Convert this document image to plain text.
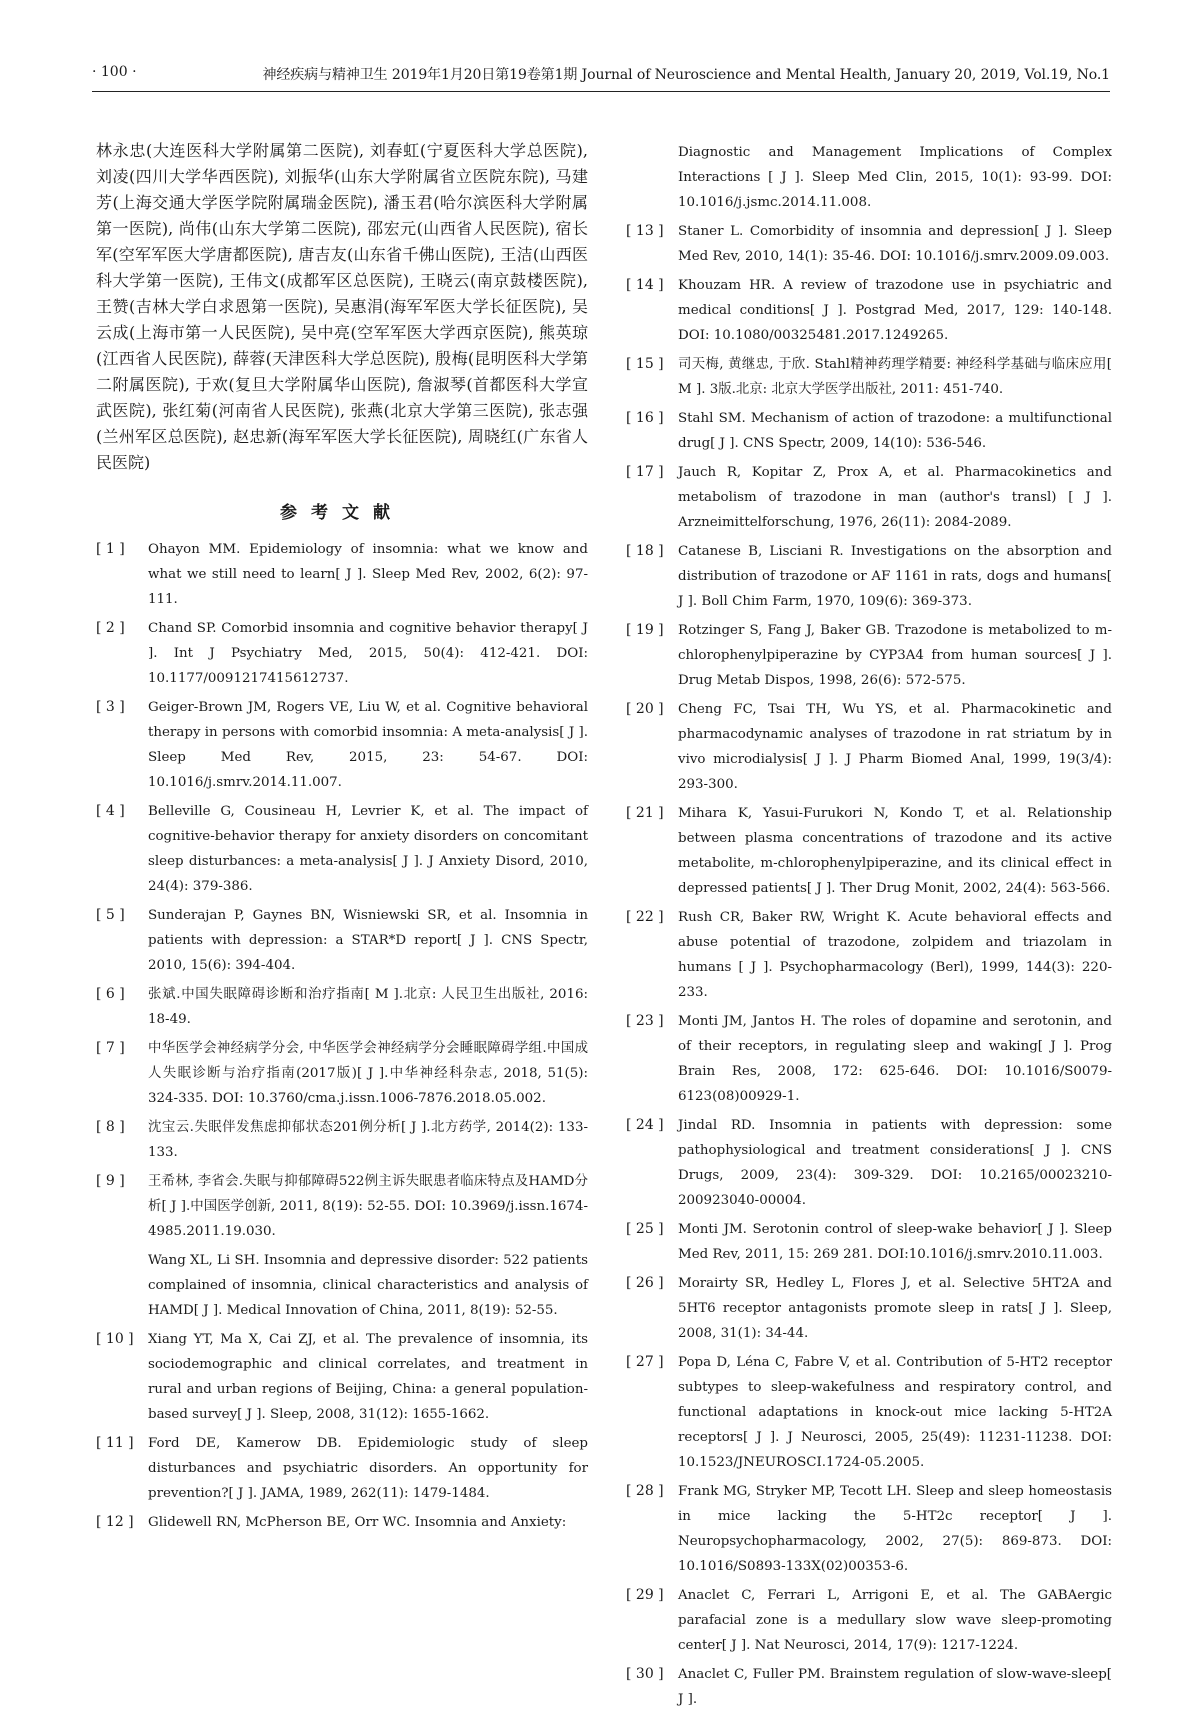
· 100 ·	神经疾病与精神卫生 2019年1月20日第19卷第1期 Journal of Neuroscience and Mental Health, January 20, 2019, Vol.19, No.1

林永忠(大连医科大学附属第二医院), 刘春虹(宁夏医科大学总医院), 刘凌(四川大学华西医院), 刘振华(山东大学附属省立医院东院), 马建芳(上海交通大学医学院附属瑞金医院), 潘玉君(哈尔滨医科大学附属第一医院), 尚伟(山东大学第二医院), 邵宏元(山西省人民医院), 宿长军(空军军医大学唐都医院), 唐吉友(山东省千佛山医院), 王洁(山西医科大学第一医院), 王伟文(成都军区总医院), 王晓云(南京鼓楼医院), 王赞(吉林大学白求恩第一医院), 吴惠涓(海军军医大学长征医院), 吴云成(上海市第一人民医院), 吴中亮(空军军医大学西京医院), 熊英琼(江西省人民医院), 薛蓉(天津医科大学总医院), 殷梅(昆明医科大学第二附属医院), 于欢(复旦大学附属华山医院), 詹淑琴(首都医科大学宣武医院), 张红菊(河南省人民医院), 张燕(北京大学第三医院), 张志强(兰州军区总医院), 赵忠新(海军军医大学长征医院), 周晓红(广东省人民医院)

参考文献
[ 1 ]	Ohayon MM. Epidemiology of insomnia: what we know and what we still need to learn[ J ]. Sleep Med Rev, 2002, 6(2): 97-111.
[ 2 ]	Chand SP. Comorbid insomnia and cognitive behavior therapy[ J ]. Int J Psychiatry Med, 2015, 50(4): 412-421. DOI: 10.1177/0091217415612737.
[ 3 ]	Geiger-Brown JM, Rogers VE, Liu W, et al. Cognitive behavioral therapy in persons with comorbid insomnia: A meta-analysis[ J ]. Sleep Med Rev, 2015, 23: 54-67. DOI: 10.1016/j.smrv.2014.11.007.
[ 4 ]	Belleville G, Cousineau H, Levrier K, et al. The impact of cognitive-behavior therapy for anxiety disorders on concomitant sleep disturbances: a meta-analysis[ J ]. J Anxiety Disord, 2010, 24(4): 379-386.
[ 5 ]	Sunderajan P, Gaynes BN, Wisniewski SR, et al. Insomnia in patients with depression: a STAR*D report[ J ]. CNS Spectr, 2010, 15(6): 394-404.
[ 6 ]	张斌.中国失眠障碍诊断和治疗指南[ M ].北京: 人民卫生出版社, 2016: 18-49.
[ 7 ]	中华医学会神经病学分会, 中华医学会神经病学分会睡眠障碍学组.中国成人失眠诊断与治疗指南(2017版)[ J ].中华神经科杂志, 2018, 51(5): 324-335. DOI: 10.3760/cma.j.issn.1006-7876.2018.05.002.
[ 8 ]	沈宝云.失眠伴发焦虑抑郁状态201例分析[ J ].北方药学, 2014(2): 133-133.
[ 9 ]	王希林, 李省会.失眠与抑郁障碍522例主诉失眠患者临床特点及HAMD分析[ J ].中国医学创新, 2011, 8(19): 52-55. DOI: 10.3969/j.issn.1674-4985.2011.19.030.
Wang XL, Li SH. Insomnia and depressive disorder: 522 patients complained of insomnia, clinical characteristics and analysis of HAMD[ J ]. Medical Innovation of China, 2011, 8(19): 52-55.
[ 10 ]	Xiang YT, Ma X, Cai ZJ, et al. The prevalence of insomnia, its sociodemographic and clinical correlates, and treatment in rural and urban regions of Beijing, China: a general population-based survey[ J ]. Sleep, 2008, 31(12): 1655-1662.
[ 11 ]	Ford DE, Kamerow DB. Epidemiologic study of sleep disturbances and psychiatric disorders. An opportunity for prevention?[ J ]. JAMA, 1989, 262(11): 1479-1484.
[ 12 ]	Glidewell RN, McPherson BE, Orr WC. Insomnia and Anxiety:
Diagnostic and Management Implications of Complex Interactions [ J ]. Sleep Med Clin, 2015, 10(1): 93-99. DOI: 10.1016/j.jsmc.2014.11.008.
[ 13 ]	Staner L. Comorbidity of insomnia and depression[ J ]. Sleep Med Rev, 2010, 14(1): 35-46. DOI: 10.1016/j.smrv.2009.09.003.
[ 14 ]	Khouzam HR. A review of trazodone use in psychiatric and medical conditions[ J ]. Postgrad Med, 2017, 129: 140-148. DOI: 10.1080/00325481.2017.1249265.
[ 15 ]	司天梅, 黄继忠, 于欣. Stahl精神药理学精要: 神经科学基础与临床应用[ M ]. 3版.北京: 北京大学医学出版社, 2011: 451-740.
[ 16 ]	Stahl SM. Mechanism of action of trazodone: a multifunctional drug[ J ]. CNS Spectr, 2009, 14(10): 536-546.
[ 17 ]	Jauch R, Kopitar Z, Prox A, et al. Pharmacokinetics and metabolism of trazodone in man (author's transl) [ J ]. Arzneimittelforschung, 1976, 26(11): 2084-2089.
[ 18 ]	Catanese B, Lisciani R. Investigations on the absorption and distribution of trazodone or AF 1161 in rats, dogs and humans[ J ]. Boll Chim Farm, 1970, 109(6): 369-373.
[ 19 ]	Rotzinger S, Fang J, Baker GB. Trazodone is metabolized to m-chlorophenylpiperazine by CYP3A4 from human sources[ J ]. Drug Metab Dispos, 1998, 26(6): 572-575.
[ 20 ]	Cheng FC, Tsai TH, Wu YS, et al. Pharmacokinetic and pharmacodynamic analyses of trazodone in rat striatum by in vivo microdialysis[ J ]. J Pharm Biomed Anal, 1999, 19(3/4): 293-300.
[ 21 ]	Mihara K, Yasui-Furukori N, Kondo T, et al. Relationship between plasma concentrations of trazodone and its active metabolite, m-chlorophenylpiperazine, and its clinical effect in depressed patients[ J ]. Ther Drug Monit, 2002, 24(4): 563-566.
[ 22 ]	Rush CR, Baker RW, Wright K. Acute behavioral effects and abuse potential of trazodone, zolpidem and triazolam in humans [ J ]. Psychopharmacology (Berl), 1999, 144(3): 220-233.
[ 23 ]	Monti JM, Jantos H. The roles of dopamine and serotonin, and of their receptors, in regulating sleep and waking[ J ]. Prog Brain Res, 2008, 172: 625-646. DOI: 10.1016/S0079-6123(08)00929-1.
[ 24 ]	Jindal RD. Insomnia in patients with depression: some pathophysiological and treatment considerations[ J ]. CNS Drugs, 2009, 23(4): 309-329. DOI: 10.2165/00023210-200923040-00004.
[ 25 ]	Monti JM. Serotonin control of sleep-wake behavior[ J ]. Sleep Med Rev, 2011, 15: 269 281. DOI:10.1016/j.smrv.2010.11.003.
[ 26 ]	Morairty SR, Hedley L, Flores J, et al. Selective 5HT2A and 5HT6 receptor antagonists promote sleep in rats[ J ]. Sleep, 2008, 31(1): 34-44.
[ 27 ]	Popa D, Léna C, Fabre V, et al. Contribution of 5-HT2 receptor subtypes to sleep-wakefulness and respiratory control, and functional adaptations in knock-out mice lacking 5-HT2A receptors[ J ]. J Neurosci, 2005, 25(49): 11231-11238. DOI: 10.1523/JNEUROSCI.1724-05.2005.
[ 28 ]	Frank MG, Stryker MP, Tecott LH. Sleep and sleep homeostasis in mice lacking the 5-HT2c receptor[ J ]. Neuropsychopharmacology, 2002, 27(5): 869-873. DOI: 10.1016/S0893-133X(02)00353-6.
[ 29 ]	Anaclet C, Ferrari L, Arrigoni E, et al. The GABAergic parafacial zone is a medullary slow wave sleep-promoting center[ J ]. Nat Neurosci, 2014, 17(9): 1217-1224.
[ 30 ]	Anaclet C, Fuller PM. Brainstem regulation of slow-wave-sleep[ J ].
